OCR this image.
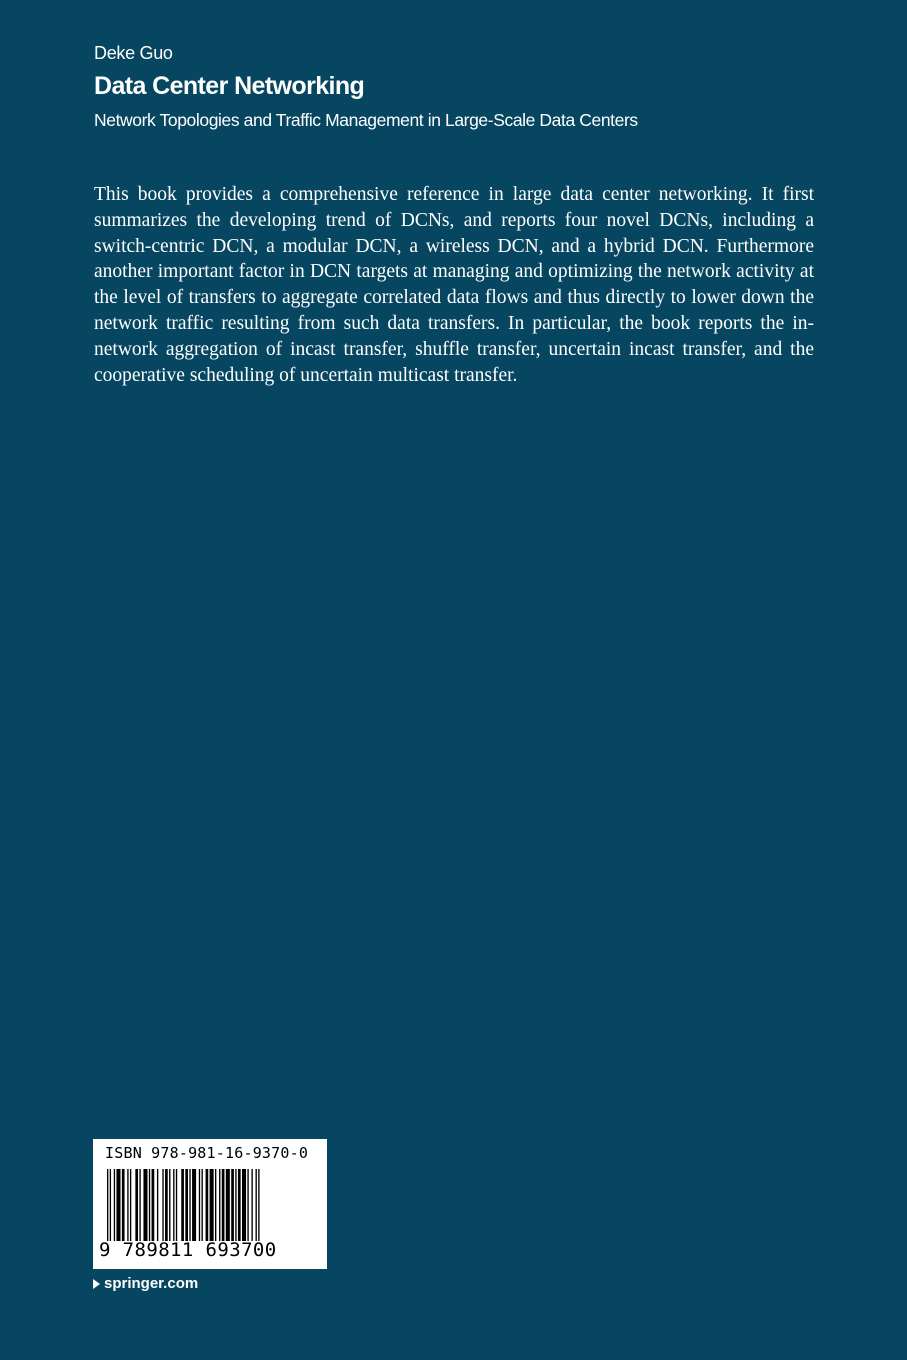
Deke Guo
Data Center Networking
Network Topologies and Traffic Management in Large-Scale Data Centers

This book provides a comprehensive reference in large data center networking. It first summarizes the developing trend of DCNs, and reports four novel DCNs, including a switch-centric DCN, a modular DCN, a wireless DCN, and a hybrid DCN. Furthermore another important factor in DCN targets at managing and optimizing the network activity at the level of transfers to aggregate correlated data flows and thus directly to lower down the network traffic resulting from such data transfers. In particular, the book reports the in-network aggregation of incast transfer, shuffle transfer, uncertain incast transfer, and the cooperative scheduling of uncertain multicast transfer.

ISBN 978-981-16-9370-0
9 789811 693700
springer.com
